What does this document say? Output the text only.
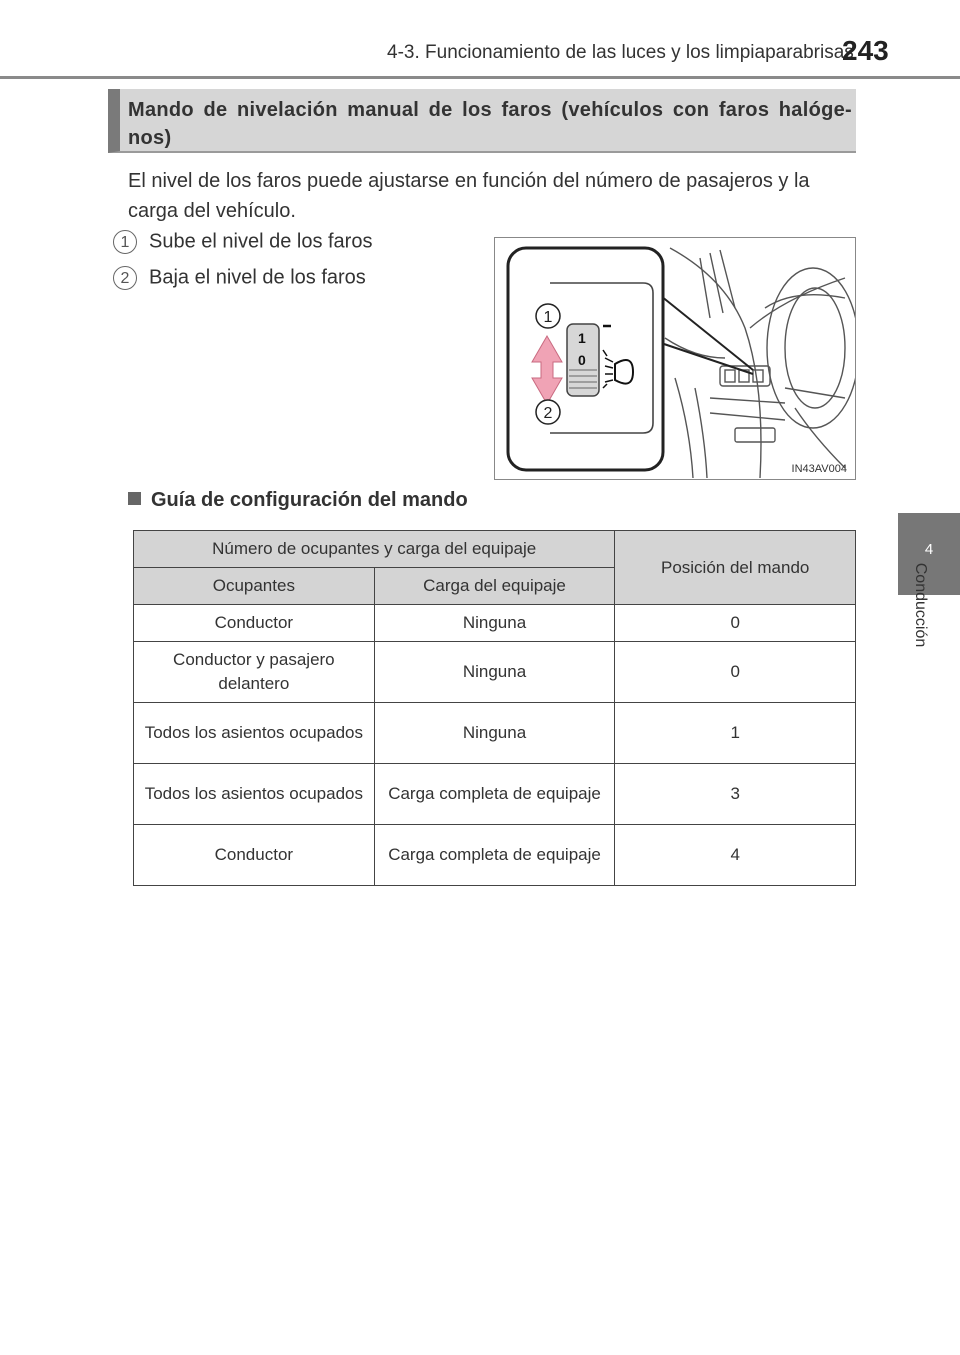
4-3. Funcionamiento de las luces y los limpiaparabrisas
243
4
Conducción
Mando de nivelación manual de los faros (vehículos con faros halóge-nos)
El nivel de los faros puede ajustarse en función del número de pasajeros y la carga del vehículo.
1 Sube el nivel de los faros
2 Baja el nivel de los faros
1
0
1
2
IN43AV004
Guía de configuración del mando
Número de ocupantes y carga del equipaje		Posición del mando
Ocupantes	Carga del equipaje	
Conductor	Ninguna	0
Conductor y pasajero delantero	Ninguna	0
Todos los asientos ocupados	Ninguna	1
Todos los asientos ocupados	Carga completa de equipaje	3
Conductor	Carga completa de equipaje	4
